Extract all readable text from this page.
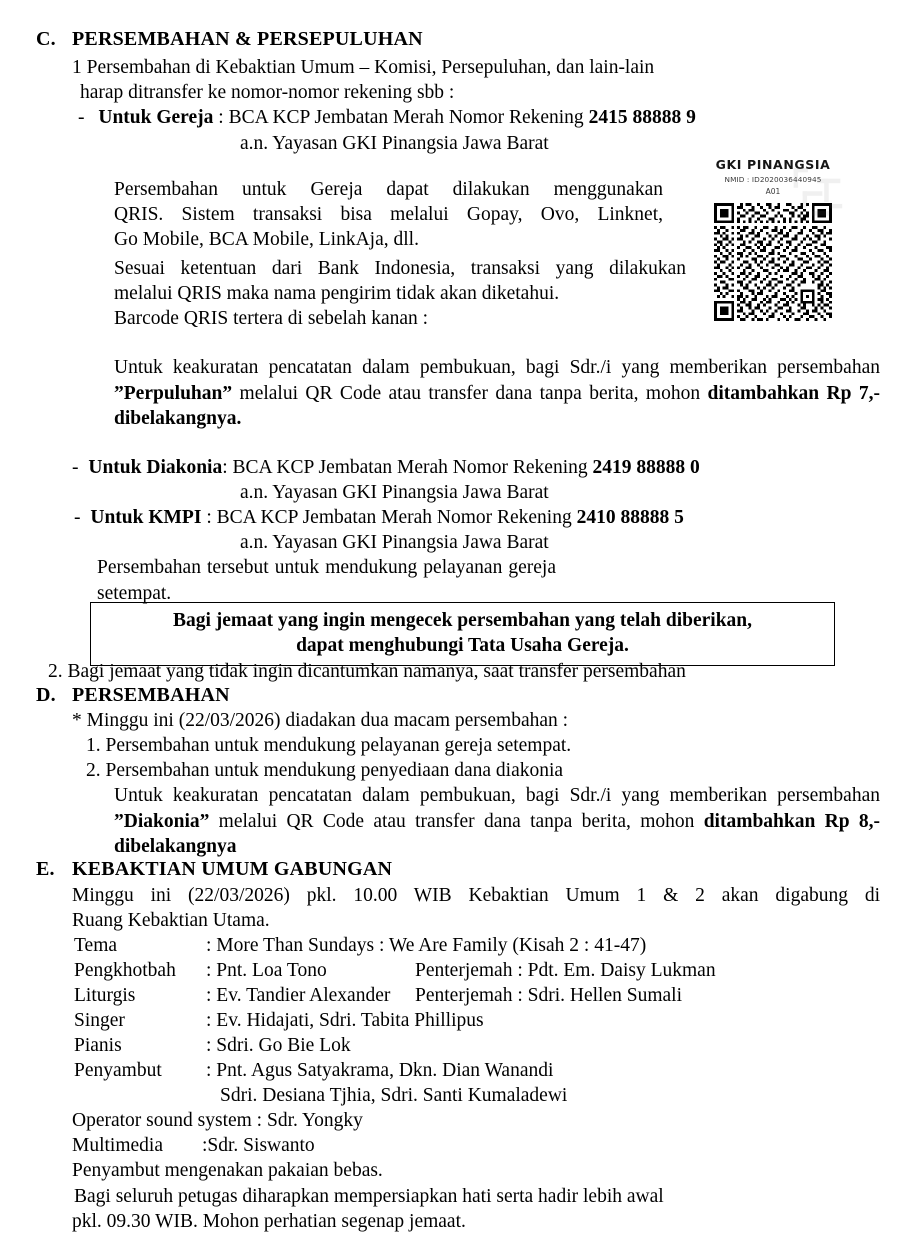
C. PERSEMBAHAN & PERSEPULUHAN
1 Persembahan di Kebaktian Umum – Komisi, Persepuluhan, dan lain-lain
harap ditransfer ke nomor-nomor rekening sbb :
- Untuk Gereja : BCA KCP Jembatan Merah Nomor Rekening 2415 88888 9
a.n. Yayasan GKI Pinangsia Jawa Barat
Persembahan untuk Gereja dapat dilakukan menggunakan
QRIS. Sistem transaksi bisa melalui Gopay, Ovo, Linknet,
Go Mobile, BCA Mobile, LinkAja, dll.
Sesuai ketentuan dari Bank Indonesia, transaksi yang dilakukan
melalui QRIS maka nama pengirim tidak akan diketahui.
Barcode QRIS tertera di sebelah kanan :
GKI PINANGSIA
NMID : ID2020036440945
A01
Untuk keakuratan pencatatan dalam pembukuan, bagi Sdr./i yang memberikan persembahan ”Perpuluhan” melalui QR Code atau transfer dana tanpa berita, mohon ditambahkan Rp 7,- dibelakangnya.
- Untuk Diakonia: BCA KCP Jembatan Merah Nomor Rekening 2419 88888 0
a.n. Yayasan GKI Pinangsia Jawa Barat
- Untuk KMPI : BCA KCP Jembatan Merah Nomor Rekening 2410 88888 5
a.n. Yayasan GKI Pinangsia Jawa Barat
Persembahan tersebut untuk mendukung pelayanan gereja setempat.
Bagi jemaat yang ingin mengecek persembahan yang telah diberikan,
dapat menghubungi Tata Usaha Gereja.
2. Bagi jemaat yang tidak ingin dicantumkan namanya, saat transfer persembahan
D. PERSEMBAHAN
* Minggu ini (22/03/2026) diadakan dua macam persembahan :
1. Persembahan untuk mendukung pelayanan gereja setempat.
2. Persembahan untuk mendukung penyediaan dana diakonia
Untuk keakuratan pencatatan dalam pembukuan, bagi Sdr./i yang memberikan persembahan ”Diakonia” melalui QR Code atau transfer dana tanpa berita, mohon ditambahkan Rp 8,- dibelakangnya
E. KEBAKTIAN UMUM GABUNGAN
Minggu ini (22/03/2026) pkl. 10.00 WIB Kebaktian Umum 1 & 2 akan digabung di
Ruang Kebaktian Utama.
Tema	: More Than Sundays : We Are Family (Kisah 2 : 41-47)
Pengkhotbah	: Pnt. Loa Tono	Penterjemah : Pdt. Em. Daisy Lukman
Liturgis	: Ev. Tandier Alexander	Penterjemah : Sdri. Hellen Sumali
Singer	: Ev. Hidajati, Sdri. Tabita Phillipus
Pianis	: Sdri. Go Bie Lok
Penyambut	: Pnt. Agus Satyakrama, Dkn. Dian Wanandi
Sdri. Desiana Tjhia, Sdri. Santi Kumaladewi
Operator sound system : Sdr. Yongky
Multimedia	:Sdr. Siswanto
Penyambut mengenakan pakaian bebas.
Bagi seluruh petugas diharapkan mempersiapkan hati serta hadir lebih awal
pkl. 09.30 WIB. Mohon perhatian segenap jemaat.
